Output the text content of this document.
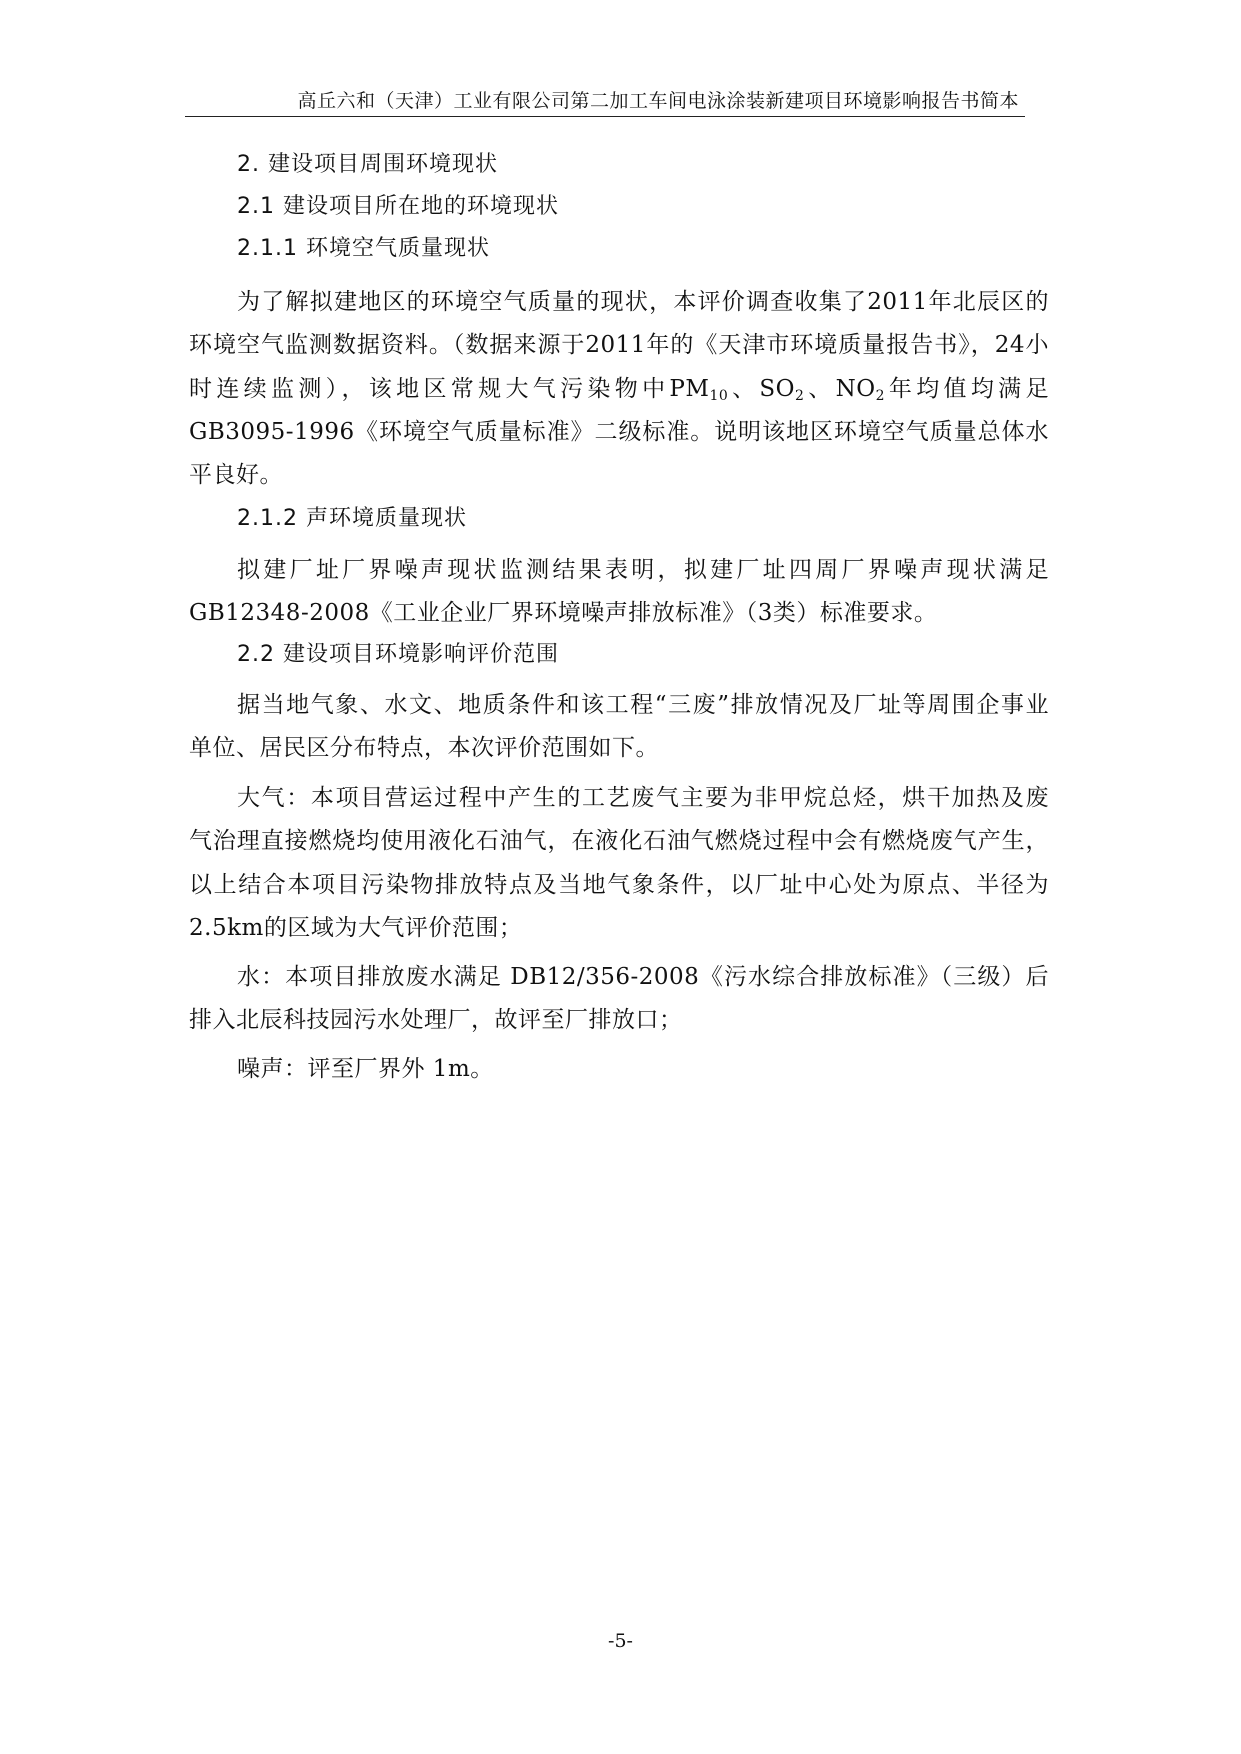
高丘六和（天津）工业有限公司第二加工车间电泳涂装新建项目环境影响报告书简本
2. 建设项目周围环境现状
2.1 建设项目所在地的环境现状
2.1.1 环境空气质量现状
为了解拟建地区的环境空气质量的现状，本评价调查收集了2011年北辰区的
环境空气监测数据资料。（数据来源于2011年的《天津市环境质量报告书》，24小
时连续监测），该地区常规大气污染物中$PM_{10}$、$SO_2$、$NO_2$年均值均满足
GB3095-1996《环境空气质量标准》二级标准。说明该地区环境空气质量总体水
平良好。
2.1.2 声环境质量现状
拟建厂址厂界噪声现状监测结果表明，拟建厂址四周厂界噪声现状满足
GB12348-2008《工业企业厂界环境噪声排放标准》（3类）标准要求。
2.2 建设项目环境影响评价范围
据当地气象、水文、地质条件和该工程“三废”排放情况及厂址等周围企事业
单位、居民区分布特点，本次评价范围如下。
大气：本项目营运过程中产生的工艺废气主要为非甲烷总烃，烘干加热及废
气治理直接燃烧均使用液化石油气，在液化石油气燃烧过程中会有燃烧废气产生，
以上结合本项目污染物排放特点及当地气象条件，以厂址中心处为原点、半径为
2.5km的区域为大气评价范围；
水：本项目排放废水满足 DB12/356-2008《污水综合排放标准》（三级）后
排入北辰科技园污水处理厂，故评至厂排放口；
噪声：评至厂界外 1m。
-5-
